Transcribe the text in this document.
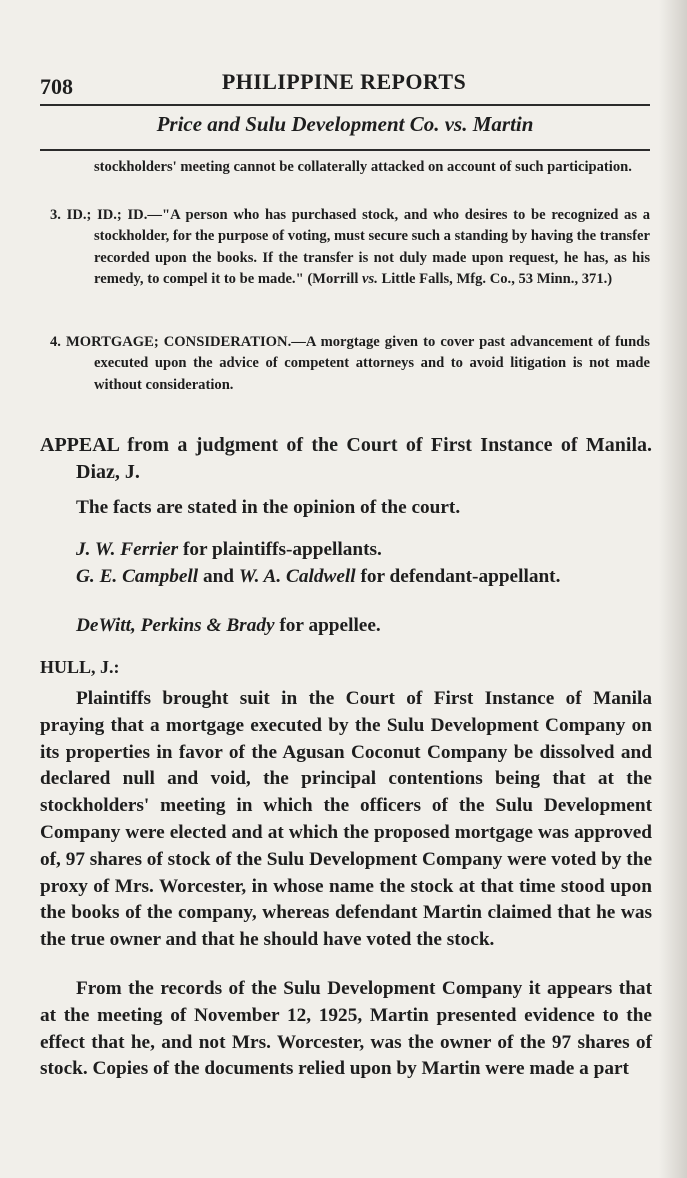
708	PHILIPPINE REPORTS
Price and Sulu Development Co. vs. Martin

stockholders' meeting cannot be collaterally attacked on account of such participation.

3. ID.; ID.; ID.—"A person who has purchased stock, and who desires to be recognized as a stockholder, for the purpose of voting, must secure such a standing by having the transfer recorded upon the books. If the transfer is not duly made upon request, he has, as his remedy, to compel it to be made." (Morrill vs. Little Falls, Mfg. Co., 53 Minn., 371.)

4. MORTGAGE; CONSIDERATION.—A morgtage given to cover past advancement of funds executed upon the advice of competent attorneys and to avoid litigation is not made without consideration.

APPEAL from a judgment of the Court of First Instance of Manila. Diaz, J.

The facts are stated in the opinion of the court.

J. W. Ferrier for plaintiffs-appellants.

G. E. Campbell and W. A. Caldwell for defendant-appellant.

DeWitt, Perkins & Brady for appellee.

HULL, J.:

Plaintiffs brought suit in the Court of First Instance of Manila praying that a mortgage executed by the Sulu Development Company on its properties in favor of the Agusan Coconut Company be dissolved and declared null and void, the principal contentions being that at the stockholders' meeting in which the officers of the Sulu Development Company were elected and at which the proposed mortgage was approved of, 97 shares of stock of the Sulu Development Company were voted by the proxy of Mrs. Worcester, in whose name the stock at that time stood upon the books of the company, whereas defendant Martin claimed that he was the true owner and that he should have voted the stock.

From the records of the Sulu Development Company it appears that at the meeting of November 12, 1925, Martin presented evidence to the effect that he, and not Mrs. Worcester, was the owner of the 97 shares of stock. Copies of the documents relied upon by Martin were made a part
